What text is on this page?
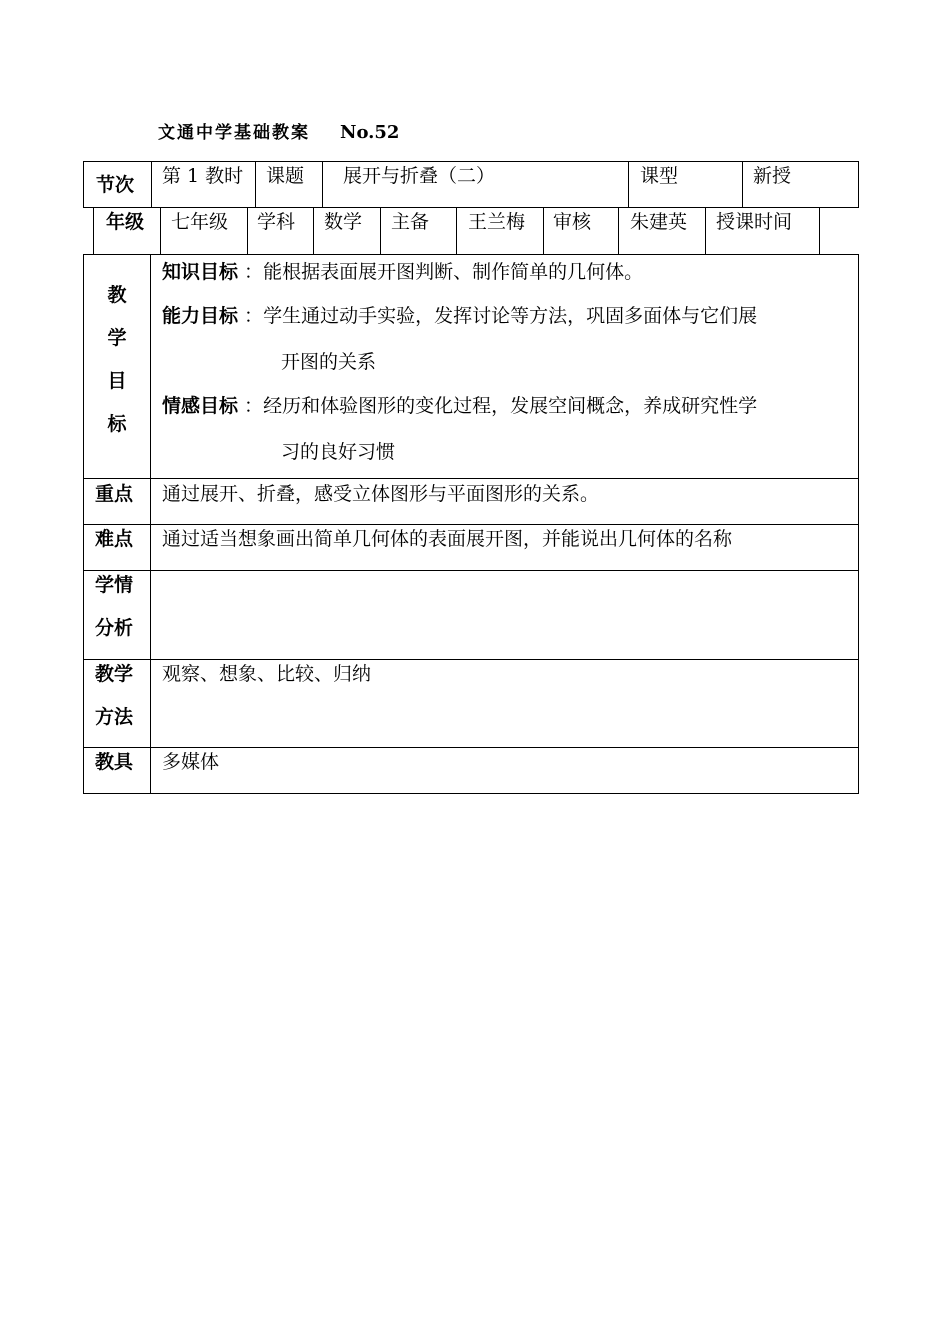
文通中学基础教案 No.52
节次 第 1 教时 课题 展开与折叠（二）	课型	新授
年级 七年级 学科 数学 主备 王兰梅 审核 朱建英 授课时间
教
学
目
标
知识目标 ：能根据表面展开图判断、制作简单的几何体。
能力目标 ：学生通过动手实验，发挥讨论等方法，巩固多面体与它们展
开图的关系
情感目标 ：经历和体验图形的变化过程，发展空间概念，养成研究性学
习的良好习惯
重点 通过展开、折叠，感受立体图形与平面图形的关系。
难点 通过适当想象画出简单几何体的表面展开图，并能说出几何体的名称
学情
分析
教学
方法
观察、想象、比较、归纳
教具 多媒体
